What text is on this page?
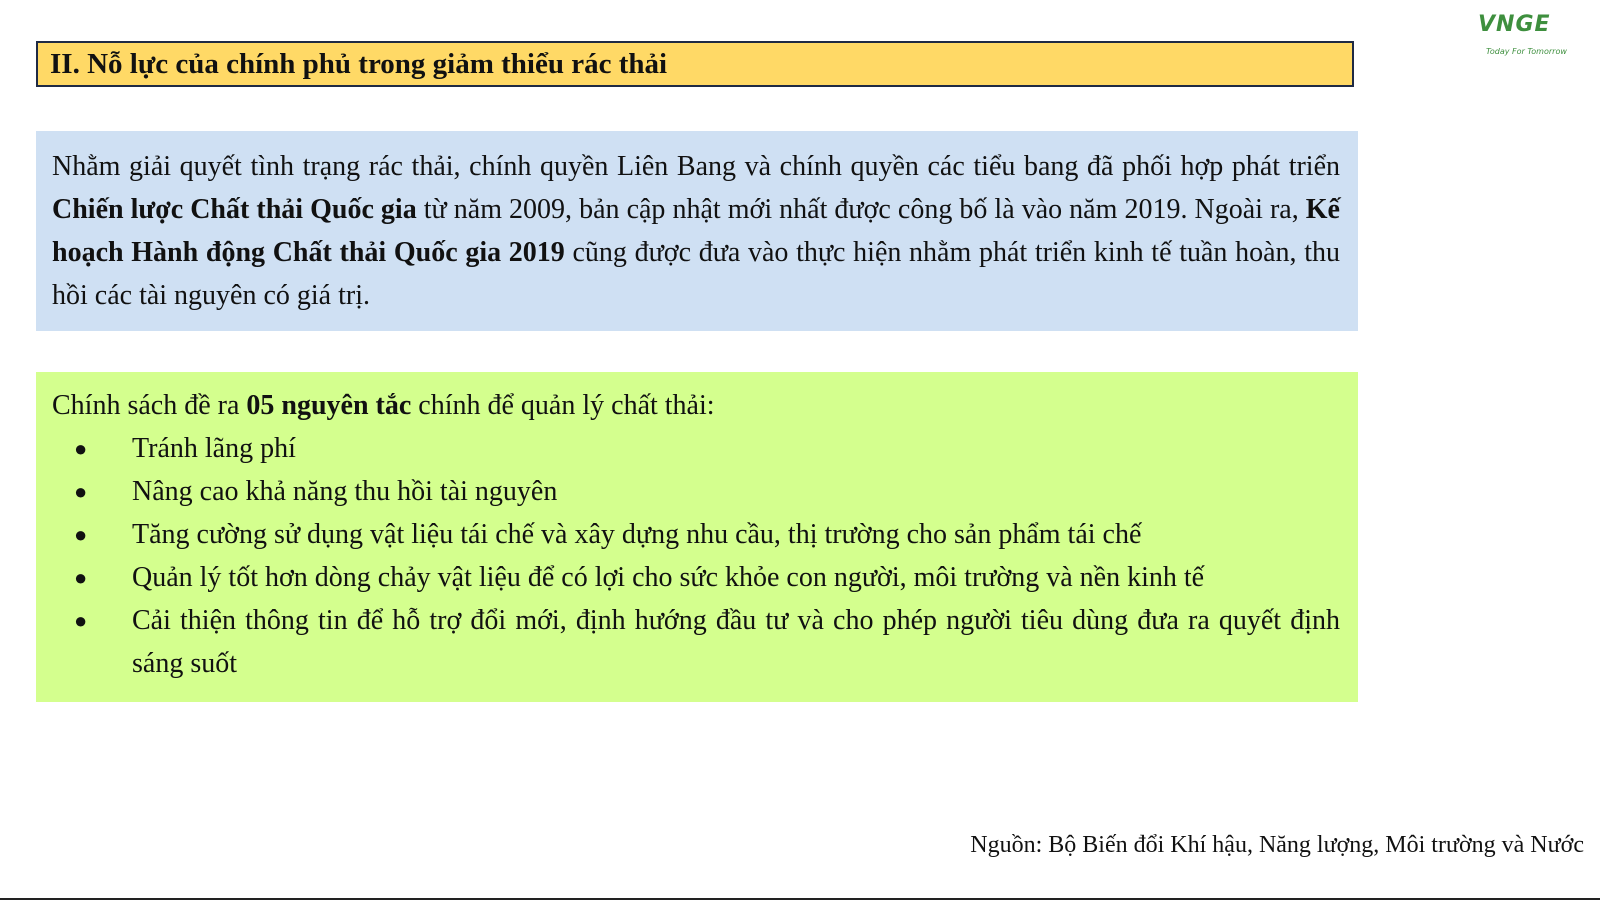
II. Nỗ lực của chính phủ trong giảm thiểu rác thải
VNGE
Today For Tomorrow
Nhằm giải quyết tình trạng rác thải, chính quyền Liên Bang và chính quyền các tiểu bang đã phối hợp phát triển Chiến lược Chất thải Quốc gia từ năm 2009, bản cập nhật mới nhất được công bố là vào năm 2019. Ngoài ra, Kế hoạch Hành động Chất thải Quốc gia 2019 cũng được đưa vào thực hiện nhằm phát triển kinh tế tuần hoàn, thu hồi các tài nguyên có giá trị.
Chính sách đề ra 05 nguyên tắc chính để quản lý chất thải:
● Tránh lãng phí
● Nâng cao khả năng thu hồi tài nguyên
● Tăng cường sử dụng vật liệu tái chế và xây dựng nhu cầu, thị trường cho sản phẩm tái chế
● Quản lý tốt hơn dòng chảy vật liệu để có lợi cho sức khỏe con người, môi trường và nền kinh tế
● Cải thiện thông tin để hỗ trợ đổi mới, định hướng đầu tư và cho phép người tiêu dùng đưa ra quyết định sáng suốt
Nguồn: Bộ Biến đổi Khí hậu, Năng lượng, Môi trường và Nước
